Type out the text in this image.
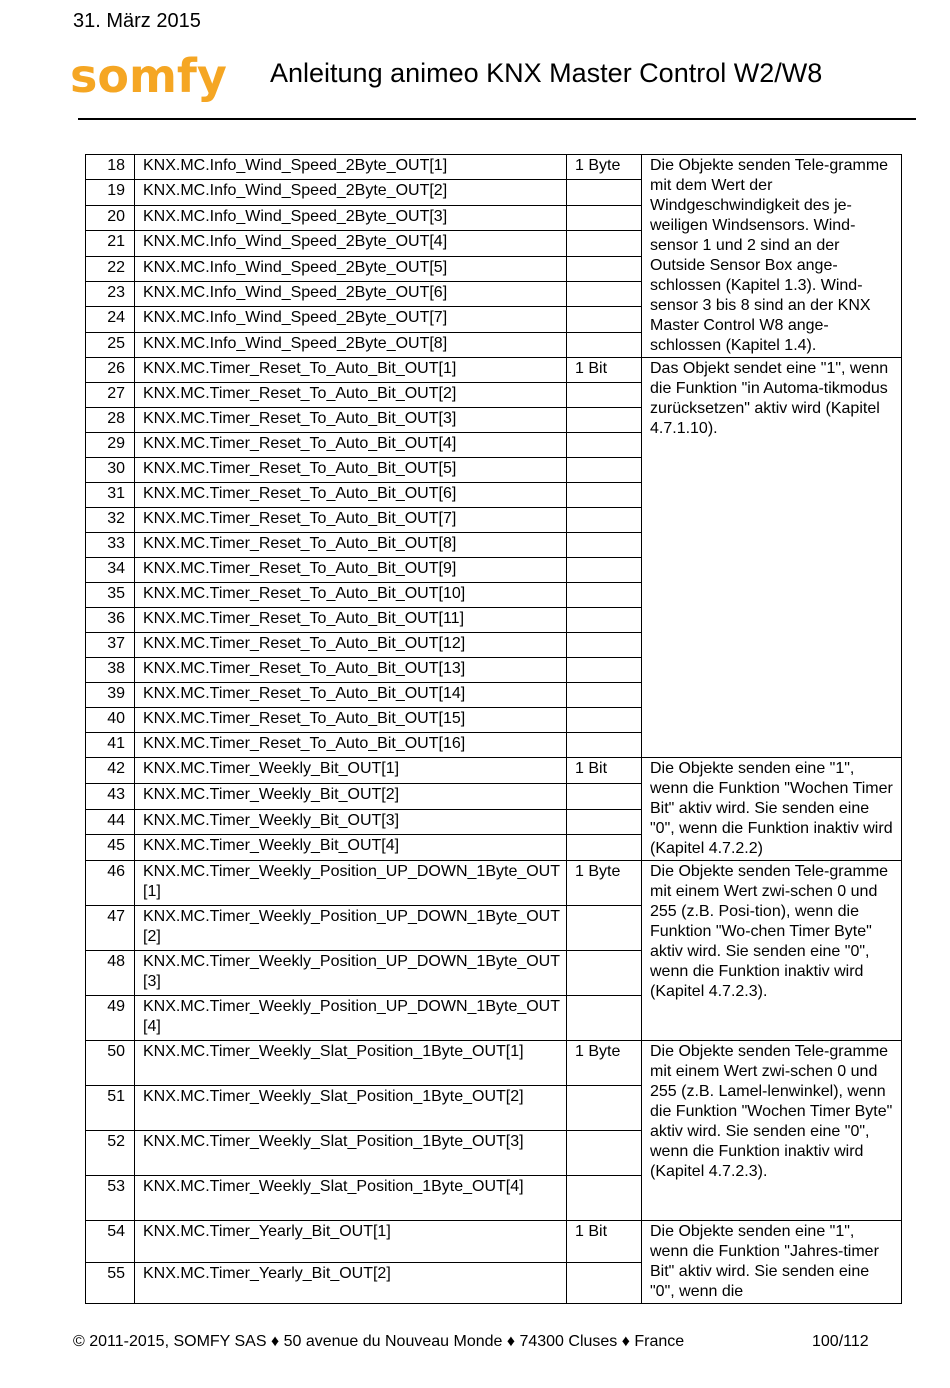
31. März 2015
somfy Anleitung animeo KNX Master Control W2/W8
18	KNX.MC.Info_Wind_Speed_2Byte_OUT[1]	1 Byte	Die Objekte senden Tele-gramme mit dem Wert der Windgeschwindigkeit des je-weiligen Windsensors. Wind-sensor 1 und 2 sind an der Outside Sensor Box ange-schlossen (Kapitel 1.3). Wind-sensor 3 bis 8 sind an der KNX Master Control W8 ange-schlossen (Kapitel 1.4).
19	KNX.MC.Info_Wind_Speed_2Byte_OUT[2]		
20	KNX.MC.Info_Wind_Speed_2Byte_OUT[3]		
21	KNX.MC.Info_Wind_Speed_2Byte_OUT[4]		
22	KNX.MC.Info_Wind_Speed_2Byte_OUT[5]		
23	KNX.MC.Info_Wind_Speed_2Byte_OUT[6]		
24	KNX.MC.Info_Wind_Speed_2Byte_OUT[7]		
25	KNX.MC.Info_Wind_Speed_2Byte_OUT[8]		
26	KNX.MC.Timer_Reset_To_Auto_Bit_OUT[1]	1 Bit	Das Objekt sendet eine "1", wenn die Funktion "in Automa-tikmodus zurücksetzen" aktiv wird (Kapitel 4.7.1.10).
27	KNX.MC.Timer_Reset_To_Auto_Bit_OUT[2]		
28	KNX.MC.Timer_Reset_To_Auto_Bit_OUT[3]		
29	KNX.MC.Timer_Reset_To_Auto_Bit_OUT[4]		
30	KNX.MC.Timer_Reset_To_Auto_Bit_OUT[5]		
31	KNX.MC.Timer_Reset_To_Auto_Bit_OUT[6]		
32	KNX.MC.Timer_Reset_To_Auto_Bit_OUT[7]		
33	KNX.MC.Timer_Reset_To_Auto_Bit_OUT[8]		
34	KNX.MC.Timer_Reset_To_Auto_Bit_OUT[9]		
35	KNX.MC.Timer_Reset_To_Auto_Bit_OUT[10]		
36	KNX.MC.Timer_Reset_To_Auto_Bit_OUT[11]		
37	KNX.MC.Timer_Reset_To_Auto_Bit_OUT[12]		
38	KNX.MC.Timer_Reset_To_Auto_Bit_OUT[13]		
39	KNX.MC.Timer_Reset_To_Auto_Bit_OUT[14]		
40	KNX.MC.Timer_Reset_To_Auto_Bit_OUT[15]		
41	KNX.MC.Timer_Reset_To_Auto_Bit_OUT[16]		
42	KNX.MC.Timer_Weekly_Bit_OUT[1]	1 Bit	Die Objekte senden eine "1", wenn die Funktion "Wochen Timer Bit" aktiv wird. Sie senden eine "0", wenn die Funktion inaktiv wird (Kapitel 4.7.2.2)
43	KNX.MC.Timer_Weekly_Bit_OUT[2]		
44	KNX.MC.Timer_Weekly_Bit_OUT[3]		
45	KNX.MC.Timer_Weekly_Bit_OUT[4]		
46	KNX.MC.Timer_Weekly_Position_UP_DOWN_1Byte_OUT[1]	1 Byte	Die Objekte senden Tele-gramme mit einem Wert zwi-schen 0 und 255 (z.B. Posi-tion), wenn die Funktion "Wo-chen Timer Byte" aktiv wird. Sie senden eine "0", wenn die Funktion inaktiv wird (Kapitel 4.7.2.3).
47	KNX.MC.Timer_Weekly_Position_UP_DOWN_1Byte_OUT[2]		
48	KNX.MC.Timer_Weekly_Position_UP_DOWN_1Byte_OUT[3]		
49	KNX.MC.Timer_Weekly_Position_UP_DOWN_1Byte_OUT[4]		
50	KNX.MC.Timer_Weekly_Slat_Position_1Byte_OUT[1]	1 Byte	Die Objekte senden Tele-gramme mit einem Wert zwi-schen 0 und 255 (z.B. Lamel-lenwinkel), wenn die Funktion "Wochen Timer Byte" aktiv wird. Sie senden eine "0", wenn die Funktion inaktiv wird (Kapitel 4.7.2.3).
51	KNX.MC.Timer_Weekly_Slat_Position_1Byte_OUT[2]		
52	KNX.MC.Timer_Weekly_Slat_Position_1Byte_OUT[3]		
53	KNX.MC.Timer_Weekly_Slat_Position_1Byte_OUT[4]		
54	KNX.MC.Timer_Yearly_Bit_OUT[1]	1 Bit	Die Objekte senden eine "1", wenn die Funktion "Jahres-timer Bit" aktiv wird. Sie senden eine "0", wenn die
55	KNX.MC.Timer_Yearly_Bit_OUT[2]		
© 2011-2015, SOMFY SAS ♦ 50 avenue du Nouveau Monde ♦ 74300 Cluses ♦ France	100/112
